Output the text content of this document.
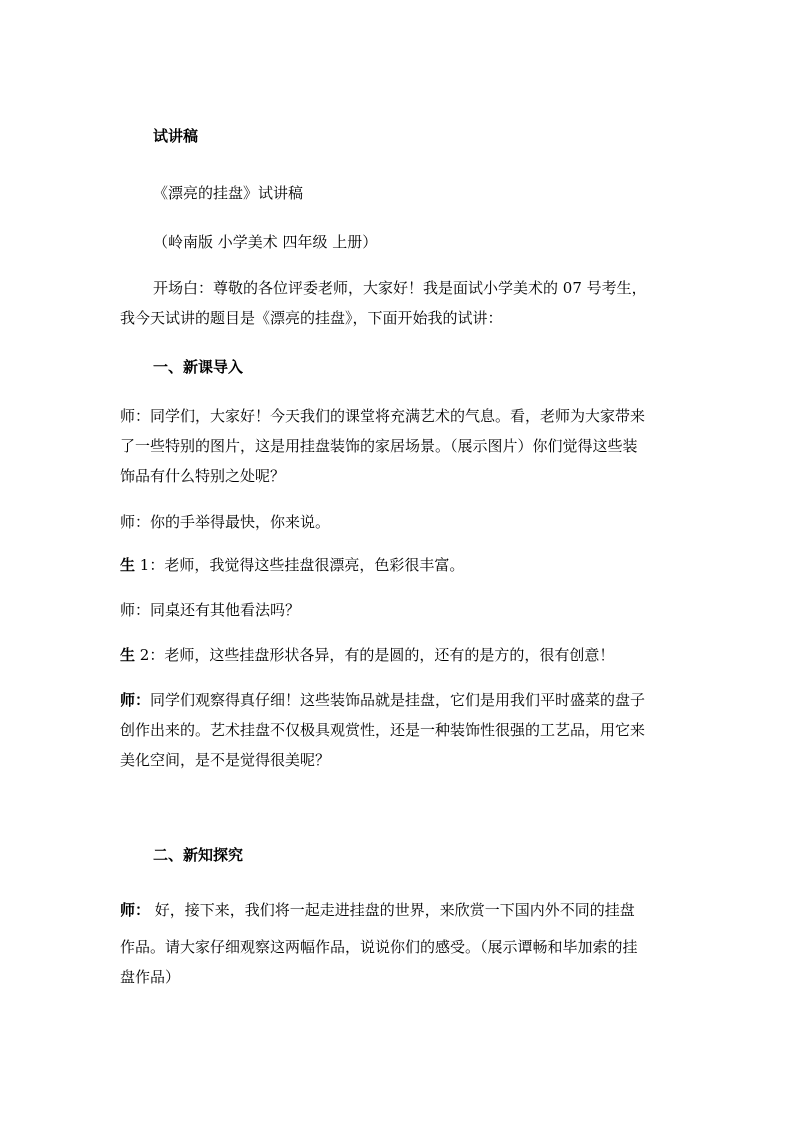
试讲稿
《漂亮的挂盘》试讲稿
（岭南版 小学美术 四年级 上册）
开场白：尊敬的各位评委老师，大家好！我是面试小学美术的 07 号考生，
我今天试讲的题目是《漂亮的挂盘》，下面开始我的试讲：
一、新课导入
师：同学们，大家好！今天我们的课堂将充满艺术的气息。看，老师为大家带来
了一些特别的图片，这是用挂盘装饰的家居场景。（展示图片）你们觉得这些装
饰品有什么特别之处呢？
师：你的手举得最快，你来说。
生 1：老师，我觉得这些挂盘很漂亮，色彩很丰富。
师：同桌还有其他看法吗？
生 2：老师，这些挂盘形状各异，有的是圆的，还有的是方的，很有创意！
师：同学们观察得真仔细！这些装饰品就是挂盘，它们是用我们平时盛菜的盘子
创作出来的。艺术挂盘不仅极具观赏性，还是一种装饰性很强的工艺品，用它来
美化空间，是不是觉得很美呢？
二、新知探究
师： 好，接下来，我们将一起走进挂盘的世界，来欣赏一下国内外不同的挂盘
作品。请大家仔细观察这两幅作品，说说你们的感受。（展示谭畅和毕加索的挂
盘作品）
